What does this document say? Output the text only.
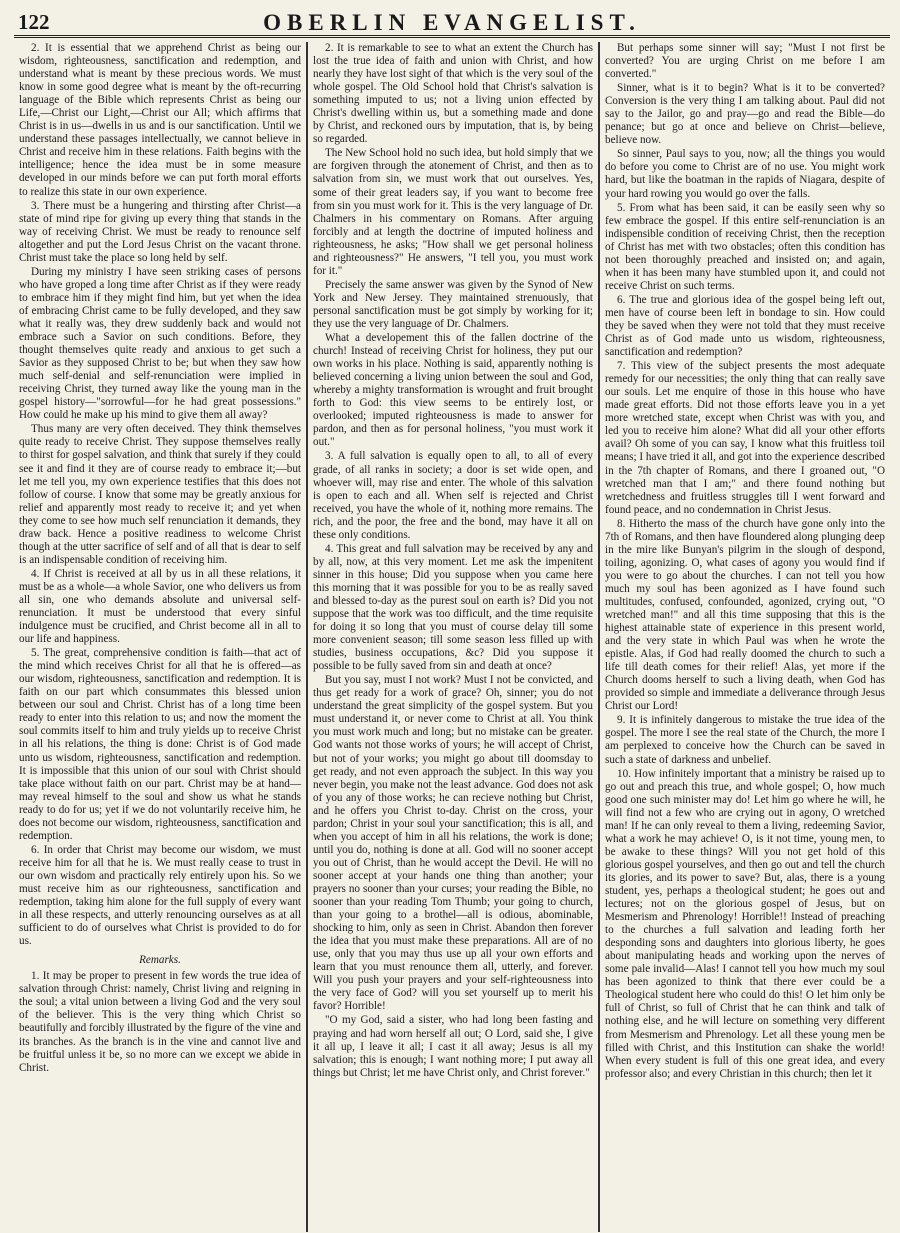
122	OBERLIN EVANGELIST.

2. It is essential that we apprehend Christ as being our wisdom, righteousness, sanctification and redemption, and understand what is meant by these precious words. We must know in some good degree what is meant by the oft-recurring language of the Bible which represents Christ as being our Life,—Christ our Light,—Christ our All; which affirms that Christ is in us—dwells in us and is our sanctification. Until we understand these passages intellectually, we cannot believe in Christ and receive him in these relations. Faith begins with the intelligence; hence the idea must be in some measure developed in our minds before we can put forth moral efforts to realize this state in our own experience.

3. There must be a hungering and thirsting after Christ—a state of mind ripe for giving up every thing that stands in the way of receiving Christ. We must be ready to renounce self altogether and put the Lord Jesus Christ on the vacant throne. Christ must take the place so long held by self.

During my ministry I have seen striking cases of persons who have groped a long time after Christ as if they were ready to embrace him if they might find him, but yet when the idea of embracing Christ came to be fully developed, and they saw what it really was, they drew suddenly back and would not embrace such a Savior on such conditions. Before, they thought themselves quite ready and anxious to get such a Savior as they supposed Christ to be; but when they saw how much self-denial and self-renunciation were implied in receiving Christ, they turned away like the young man in the gospel history—"sorrowful—for he had great possessions." How could he make up his mind to give them all away?

Thus many are very often deceived. They think themselves quite ready to receive Christ. They suppose themselves really to thirst for gospel salvation, and think that surely if they could see it and find it they are of course ready to embrace it;—but let me tell you, my own experience testifies that this does not follow of course. I know that some may be greatly anxious for relief and apparently most ready to receive it; and yet when they come to see how much self renunciation it demands, they draw back. Hence a positive readiness to welcome Christ though at the utter sacrifice of self and of all that is dear to self is an indispensable condition of receiving him.

4. If Christ is received at all by us in all these relations, it must be as a whole—a whole Savior, one who delivers us from all sin, one who demands absolute and universal self-renunciation. It must be understood that every sinful indulgence must be crucified, and Christ become all in all to our life and happiness.

5. The great, comprehensive condition is faith—that act of the mind which receives Christ for all that he is offered—as our wisdom, righteousness, sanctification and redemption. It is faith on our part which consummates this blessed union between our soul and Christ. Christ has of a long time been ready to enter into this relation to us; and now the moment the soul commits itself to him and truly yields up to receive Christ in all his relations, the thing is done: Christ is of God made unto us wisdom, righteousness, sanctification and redemption. It is impossible that this union of our soul with Christ should take place without faith on our part. Christ may be at hand—may reveal himself to the soul and show us what he stands ready to do for us; yet if we do not voluntarily receive him, he does not become our wisdom, righteousness, sanctification and redemption.

6. In order that Christ may become our wisdom, we must receive him for all that he is. We must really cease to trust in our own wisdom and practically rely entirely upon his. So we must receive him as our righteousness, sanctification and redemption, taking him alone for the full supply of every want in all these respects, and utterly renouncing ourselves as at all sufficient to do of ourselves what Christ is provided to do for us.

Remarks.

1. It may be proper to present in few words the true idea of salvation through Christ: namely, Christ living and reigning in the soul; a vital union between a living God and the very soul of the believer. This is the very thing which Christ so beautifully and forcibly illustrated by the figure of the vine and its branches. As the branch is in the vine and cannot live and be fruitful unless it be, so no more can we except we abide in Christ.

2. It is remarkable to see to what an extent the Church has lost the true idea of faith and union with Christ, and how nearly they have lost sight of that which is the very soul of the whole gospel. The Old School hold that Christ's salvation is something imputed to us; not a living union effected by Christ's dwelling within us, but a something made and done by Christ, and reckoned ours by imputation, that is, by being so regarded.

The New School hold no such idea, but hold simply that we are forgiven through the atonement of Christ, and then as to salvation from sin, we must work that out ourselves. Yes, some of their great leaders say, if you want to become free from sin you must work for it. This is the very language of Dr. Chalmers in his commentary on Romans. After arguing forcibly and at length the doctrine of imputed holiness and righteousness, he asks; "How shall we get personal holiness and righteousness?" He answers, "I tell you, you must work for it."

Precisely the same answer was given by the Synod of New York and New Jersey. They maintained strenuously, that personal sanctification must be got simply by working for it; they use the very language of Dr. Chalmers.

What a developement this of the fallen doctrine of the church! Instead of receiving Christ for holiness, they put our own works in his place. Nothing is said, apparently nothing is believed concerning a living union between the soul and God, whereby a mighty transformation is wrought and fruit brought forth to God: this view seems to be entirely lost, or overlooked; imputed righteousness is made to answer for pardon, and then as for personal holiness, "you must work it out."

3. A full salvation is equally open to all, to all of every grade, of all ranks in society; a door is set wide open, and whoever will, may rise and enter. The whole of this salvation is open to each and all. When self is rejected and Christ received, you have the whole of it, nothing more remains. The rich, and the poor, the free and the bond, may have it all on these only conditions.

4. This great and full salvation may be received by any and by all, now, at this very moment. Let me ask the impenitent sinner in this house; Did you suppose when you came here this morning that it was possible for you to be as really saved and blessed to-day as the purest soul on earth is? Did you not suppose that the work was too difficult, and the time requisite for doing it so long that you must of course delay till some more convenient season; till some season less filled up with studies, business occupations, &c? Did you suppose it possible to be fully saved from sin and death at once?

But you say, must I not work? Must I not be convicted, and thus get ready for a work of grace? Oh, sinner; you do not understand the great simplicity of the gospel system. But you must understand it, or never come to Christ at all. You think you must work much and long; but no mistake can be greater. God wants not those works of yours; he will accept of Christ, but not of your works; you might go about till doomsday to get ready, and not even approach the subject. In this way you never begin, you make not the least advance. God does not ask of you any of those works; he can recieve nothing but Christ, and he offers you Christ to-day. Christ on the cross, your pardon; Christ in your soul your sanctification; this is all, and when you accept of him in all his relations, the work is done; until you do, nothing is done at all. God will no sooner accept you out of Christ, than he would accept the Devil. He will no sooner accept at your hands one thing than another; your prayers no sooner than your curses; your reading the Bible, no sooner than your reading Tom Thumb; your going to church, than your going to a brothel—all is odious, abominable, shocking to him, only as seen in Christ. Abandon then forever the idea that you must make these preparations. All are of no use, only that you may thus use up all your own efforts and learn that you must renounce them all, utterly, and forever. Will you push your prayers and your self-righteousness into the very face of God? will you set yourself up to merit his favor? Horrible!

"O my God, said a sister, who had long been fasting and praying and had worn herself all out; O Lord, said she, I give it all up, I leave it all; I cast it all away; Jesus is all my salvation; this is enough; I want nothing more; I put away all things but Christ; let me have Christ only, and Christ forever."

But perhaps some sinner will say; "Must I not first be converted? You are urging Christ on me before I am converted."

Sinner, what is it to begin? What is it to be converted? Conversion is the very thing I am talking about. Paul did not say to the Jailor, go and pray—go and read the Bible—do penance; but go at once and believe on Christ—believe, believe now.

So sinner, Paul says to you, now; all the things you would do before you come to Christ are of no use. You might work hard, but like the boatman in the rapids of Niagara, despite of your hard rowing you would go over the falls.

5. From what has been said, it can be easily seen why so few embrace the gospel. If this entire self-renunciation is an indispensible condition of receiving Christ, then the reception of Christ has met with two obstacles; often this condition has not been thoroughly preached and insisted on; and again, when it has been many have stumbled upon it, and could not receive Christ on such terms.

6. The true and glorious idea of the gospel being left out, men have of course been left in bondage to sin. How could they be saved when they were not told that they must receive Christ as of God made unto us wisdom, righteousness, sanctification and redemption?

7. This view of the subject presents the most adequate remedy for our necessities; the only thing that can really save our souls. Let me enquire of those in this house who have made great efforts. Did not those efforts leave you in a yet more wretched state, except when Christ was with you, and led you to receive him alone? What did all your other efforts avail? Oh some of you can say, I know what this fruitless toil means; I have tried it all, and got into the experience described in the 7th chapter of Romans, and there I groaned out, "O wretched man that I am;" and there found nothing but wretchedness and fruitless struggles till I went forward and found peace, and no condemnation in Christ Jesus.

8. Hitherto the mass of the church have gone only into the 7th of Romans, and then have floundered along plunging deep in the mire like Bunyan's pilgrim in the slough of despond, toiling, agonizing. O, what cases of agony you would find if you were to go about the churches. I can not tell you how much my soul has been agonized as I have found such multitudes, confused, confounded, agonized, crying out, "O wretched man!" and all this time supposing that this is the highest attainable state of experience in this present world, and the very state in which Paul was when he wrote the epistle. Alas, if God had really doomed the church to such a life till death comes for their relief! Alas, yet more if the Church dooms herself to such a living death, when God has provided so simple and immediate a deliverance through Jesus Christ our Lord!

9. It is infinitely dangerous to mistake the true idea of the gospel. The more I see the real state of the Church, the more I am perplexed to conceive how the Church can be saved in such a state of darkness and unbelief.

10. How infinitely important that a ministry be raised up to go out and preach this true, and whole gospel; O, how much good one such minister may do! Let him go where he will, he will find not a few who are crying out in agony, O wretched man! If he can only reveal to them a living, redeeming Savior, what a work he may achieve! O, is it not time, young men, to be awake to these things? Will you not get hold of this glorious gospel yourselves, and then go out and tell the church its glories, and its power to save? But, alas, there is a young student, yes, perhaps a theological student; he goes out and lectures; not on the glorious gospel of Jesus, but on Mesmerism and Phrenology! Horrible!! Instead of preaching to the churches a full salvation and leading forth her desponding sons and daughters into glorious liberty, he goes about manipulating heads and working upon the nerves of some pale invalid—Alas! I cannot tell you how much my soul has been agonized to think that there ever could be a Theological student here who could do this! O let him only be full of Christ, so full of Christ that he can think and talk of nothing else, and he will lecture on something very different from Mesmerism and Phrenology. Let all these young men be filled with Christ, and this Institution can shake the world! When every student is full of this one great idea, and every professor also; and every Christian in this church; then let it
